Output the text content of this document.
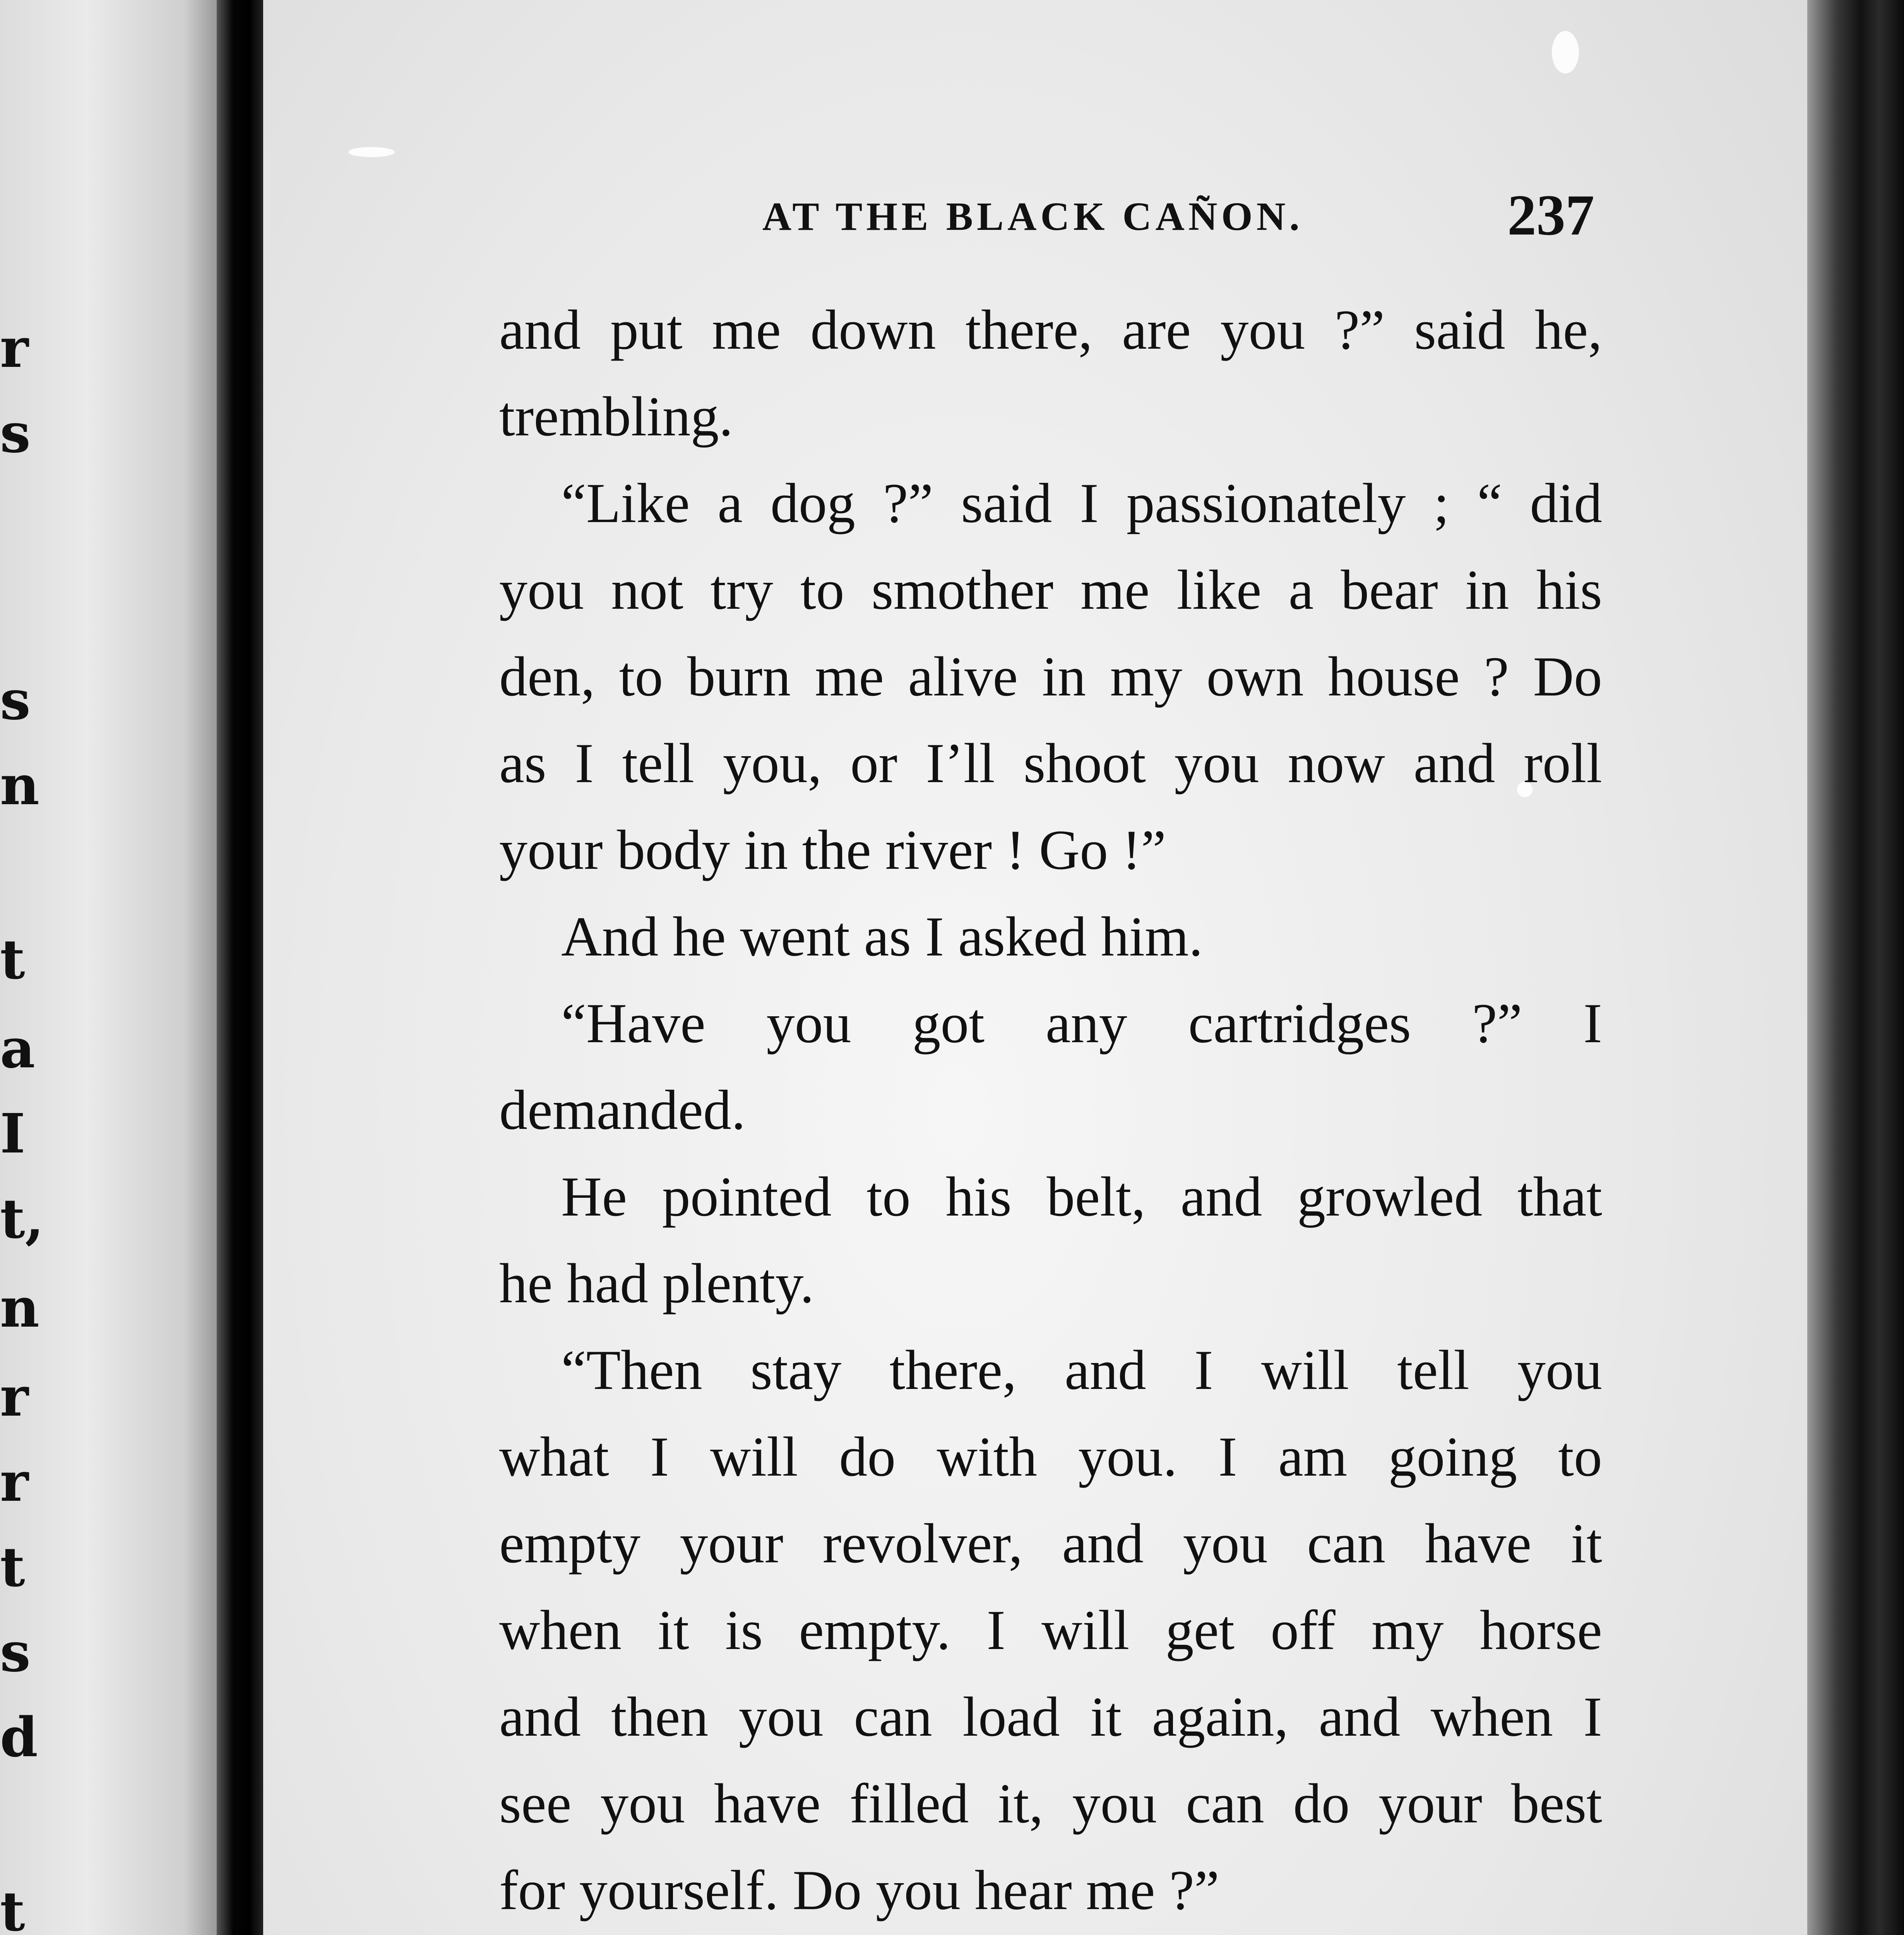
r
s
s
n
t
a
I
t,
n
r
r
t
s
d
t
AT THE BLACK CAÑON.	237
and put me down there, are you ?” said he,
trembling.
“Like a dog ?” said I passionately ; “ did
you not try to smother me like a bear in his
den, to burn me alive in my own house ? Do
as I tell you, or I’ll shoot you now and roll
your body in the river ! Go !”
And he went as I asked him.
“Have you got any cartridges ?” I
demanded.
He pointed to his belt, and growled that
he had plenty.
“Then stay there, and I will tell you
what I will do with you. I am going to
empty your revolver, and you can have it
when it is empty. I will get off my horse
and then you can load it again, and when I
see you have filled it, you can do your best
for yourself. Do you hear me ?”
